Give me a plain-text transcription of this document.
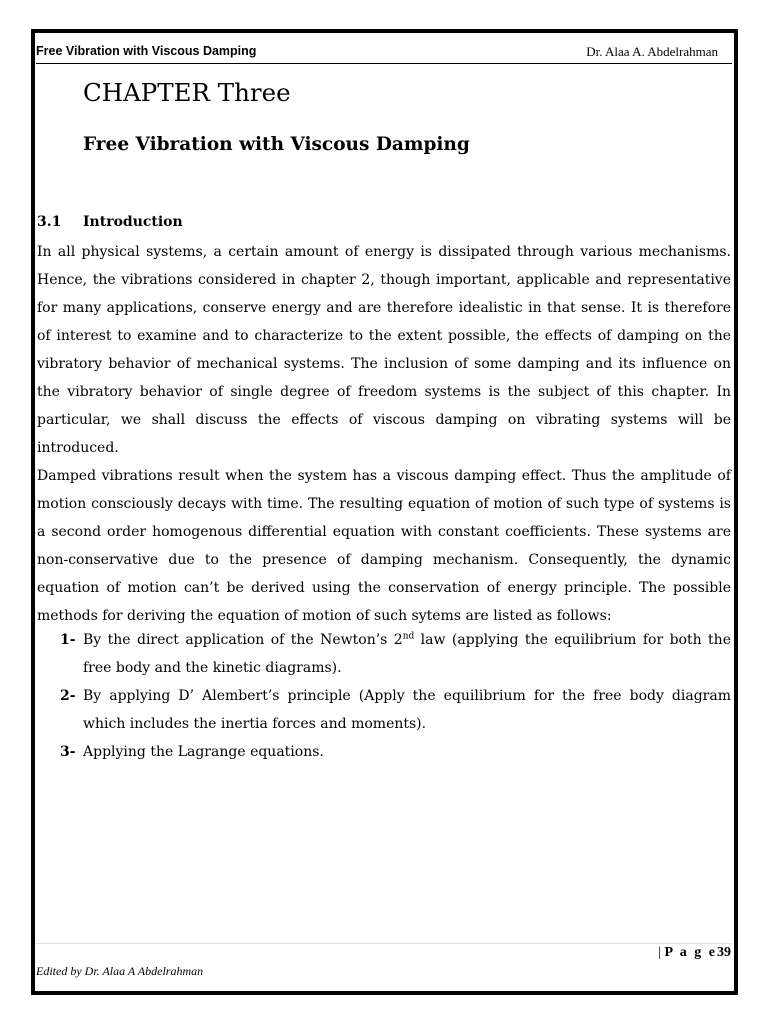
Free Vibration with Viscous Damping	Dr. Alaa A. Abdelrahman
CHAPTER Three
Free Vibration with Viscous Damping
3.1 Introduction

In all physical systems, a certain amount of energy is dissipated through various mechanisms. Hence, the vibrations considered in chapter 2, though important, applicable and representative for many applications, conserve energy and are therefore idealistic in that sense. It is therefore of interest to examine and to characterize to the extent possible, the effects of damping on the vibratory behavior of mechanical systems. The inclusion of some damping and its influence on the vibratory behavior of single degree of freedom systems is the subject of this chapter. In particular, we shall discuss the effects of viscous damping on vibrating systems will be introduced.

Damped vibrations result when the system has a viscous damping effect. Thus the amplitude of motion consciously decays with time. The resulting equation of motion of such type of systems is a second order homogenous differential equation with constant coefficients. These systems are non-conservative due to the presence of damping mechanism. Consequently, the dynamic equation of motion can’t be derived using the conservation of energy principle. The possible methods for deriving the equation of motion of such sytems are listed as follows:

1- By the direct application of the Newton’s 2nd law (applying the equilibrium for both the free body and the kinetic diagrams).
2- By applying D’ Alembert’s principle (Apply the equilibrium for the free body diagram which includes the inertia forces and moments).
3- Applying the Lagrange equations.
| P a g e39
Edited by Dr. Alaa A Abdelrahman
